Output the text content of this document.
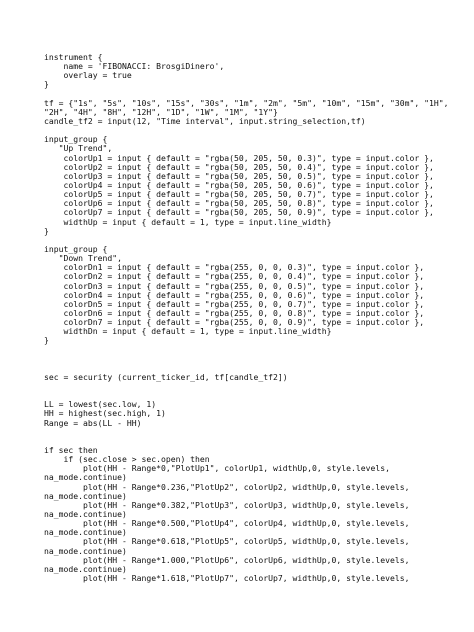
instrument {
name = 'FIBONACCI: BrosgiDinero',
overlay = true
}
tf = {"1s", "5s", "10s", "15s", "30s", "1m", "2m", "5m", "10m", "15m", "30m", "1H",
"2H", "4H", "8H", "12H", "1D", "1W", "1M", "1Y"}
candle_tf2 = input(12, "Time interval", input.string_selection,tf)
input_group {
"Up Trend",
colorUp1 = input { default = "rgba(50, 205, 50, 0.3)", type = input.color },
colorUp2 = input { default = "rgba(50, 205, 50, 0.4)", type = input.color },
colorUp3 = input { default = "rgba(50, 205, 50, 0.5)", type = input.color },
colorUp4 = input { default = "rgba(50, 205, 50, 0.6)", type = input.color },
colorUp5 = input { default = "rgba(50, 205, 50, 0.7)", type = input.color },
colorUp6 = input { default = "rgba(50, 205, 50, 0.8)", type = input.color },
colorUp7 = input { default = "rgba(50, 205, 50, 0.9)", type = input.color },
widthUp = input { default = 1, type = input.line_width}
}
input_group {
"Down Trend",
colorDn1 = input { default = "rgba(255, 0, 0, 0.3)", type = input.color },
colorDn2 = input { default = "rgba(255, 0, 0, 0.4)", type = input.color },
colorDn3 = input { default = "rgba(255, 0, 0, 0.5)", type = input.color },
colorDn4 = input { default = "rgba(255, 0, 0, 0.6)", type = input.color },
colorDn5 = input { default = "rgba(255, 0, 0, 0.7)", type = input.color },
colorDn6 = input { default = "rgba(255, 0, 0, 0.8)", type = input.color },
colorDn7 = input { default = "rgba(255, 0, 0, 0.9)", type = input.color },
widthDn = input { default = 1, type = input.line_width}
}
sec = security (current_ticker_id, tf[candle_tf2])
LL = lowest(sec.low, 1)
HH = highest(sec.high, 1)
Range = abs(LL - HH)
if sec then
if (sec.close > sec.open) then
plot(HH - Range*0,"PlotUp1", colorUp1, widthUp,0, style.levels,
na_mode.continue)
plot(HH - Range*0.236,"PlotUp2", colorUp2, widthUp,0, style.levels,
na_mode.continue)
plot(HH - Range*0.382,"PlotUp3", colorUp3, widthUp,0, style.levels,
na_mode.continue)
plot(HH - Range*0.500,"PlotUp4", colorUp4, widthUp,0, style.levels,
na_mode.continue)
plot(HH - Range*0.618,"PlotUp5", colorUp5, widthUp,0, style.levels,
na_mode.continue)
plot(HH - Range*1.000,"PlotUp6", colorUp6, widthUp,0, style.levels,
na_mode.continue)
plot(HH - Range*1.618,"PlotUp7", colorUp7, widthUp,0, style.levels,
